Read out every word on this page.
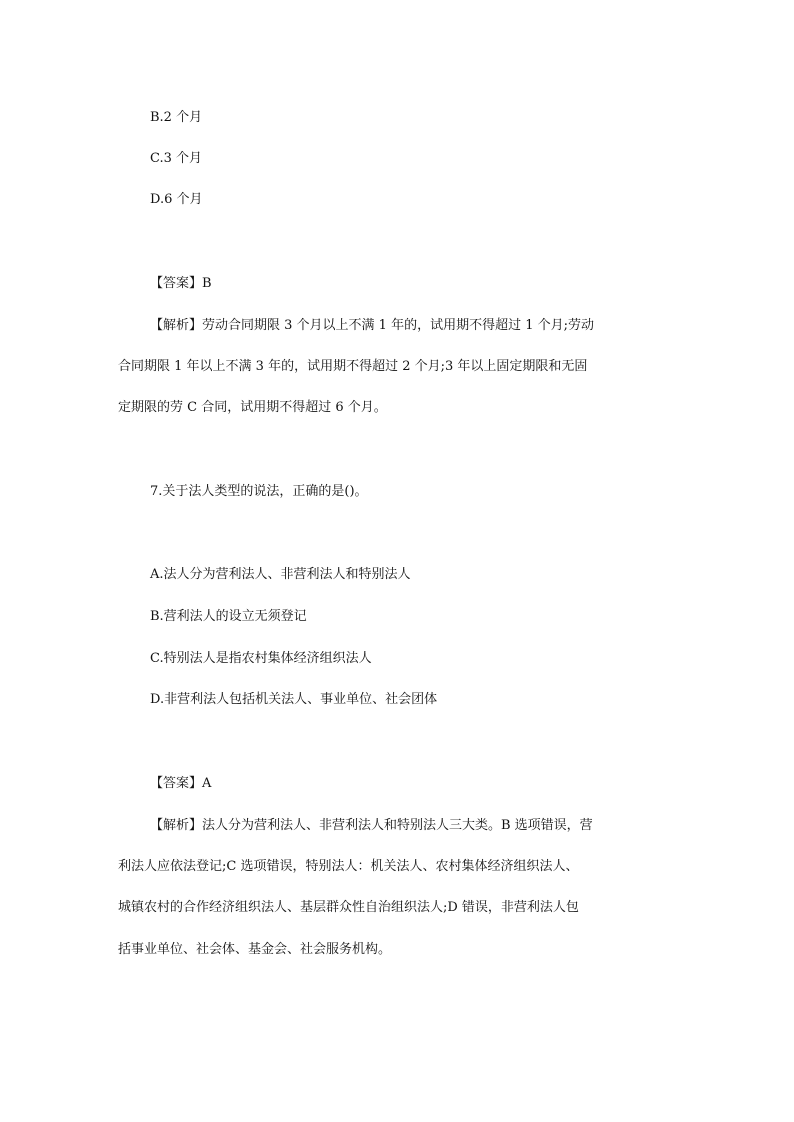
B.2 个月
C.3 个月
D.6 个月
【答案】B
【解析】劳动合同期限 3 个月以上不满 1 年的，试用期不得超过 1 个月;劳动
合同期限 1 年以上不满 3 年的，试用期不得超过 2 个月;3 年以上固定期限和无固
定期限的劳 C 合同，试用期不得超过 6 个月。
7.关于法人类型的说法，正确的是()。
A.法人分为营利法人、非营利法人和特别法人
B.营利法人的设立无须登记
C.特别法人是指农村集体经济组织法人
D.非营利法人包括机关法人、事业单位、社会团体
【答案】A
【解析】法人分为营利法人、非营利法人和特别法人三大类。B 选项错误，营
利法人应依法登记;C 选项错误，特别法人：机关法人、农村集体经济组织法人、
城镇农村的合作经济组织法人、基层群众性自治组织法人;D 错误，非营利法人包
括事业单位、社会体、基金会、社会服务机构。
